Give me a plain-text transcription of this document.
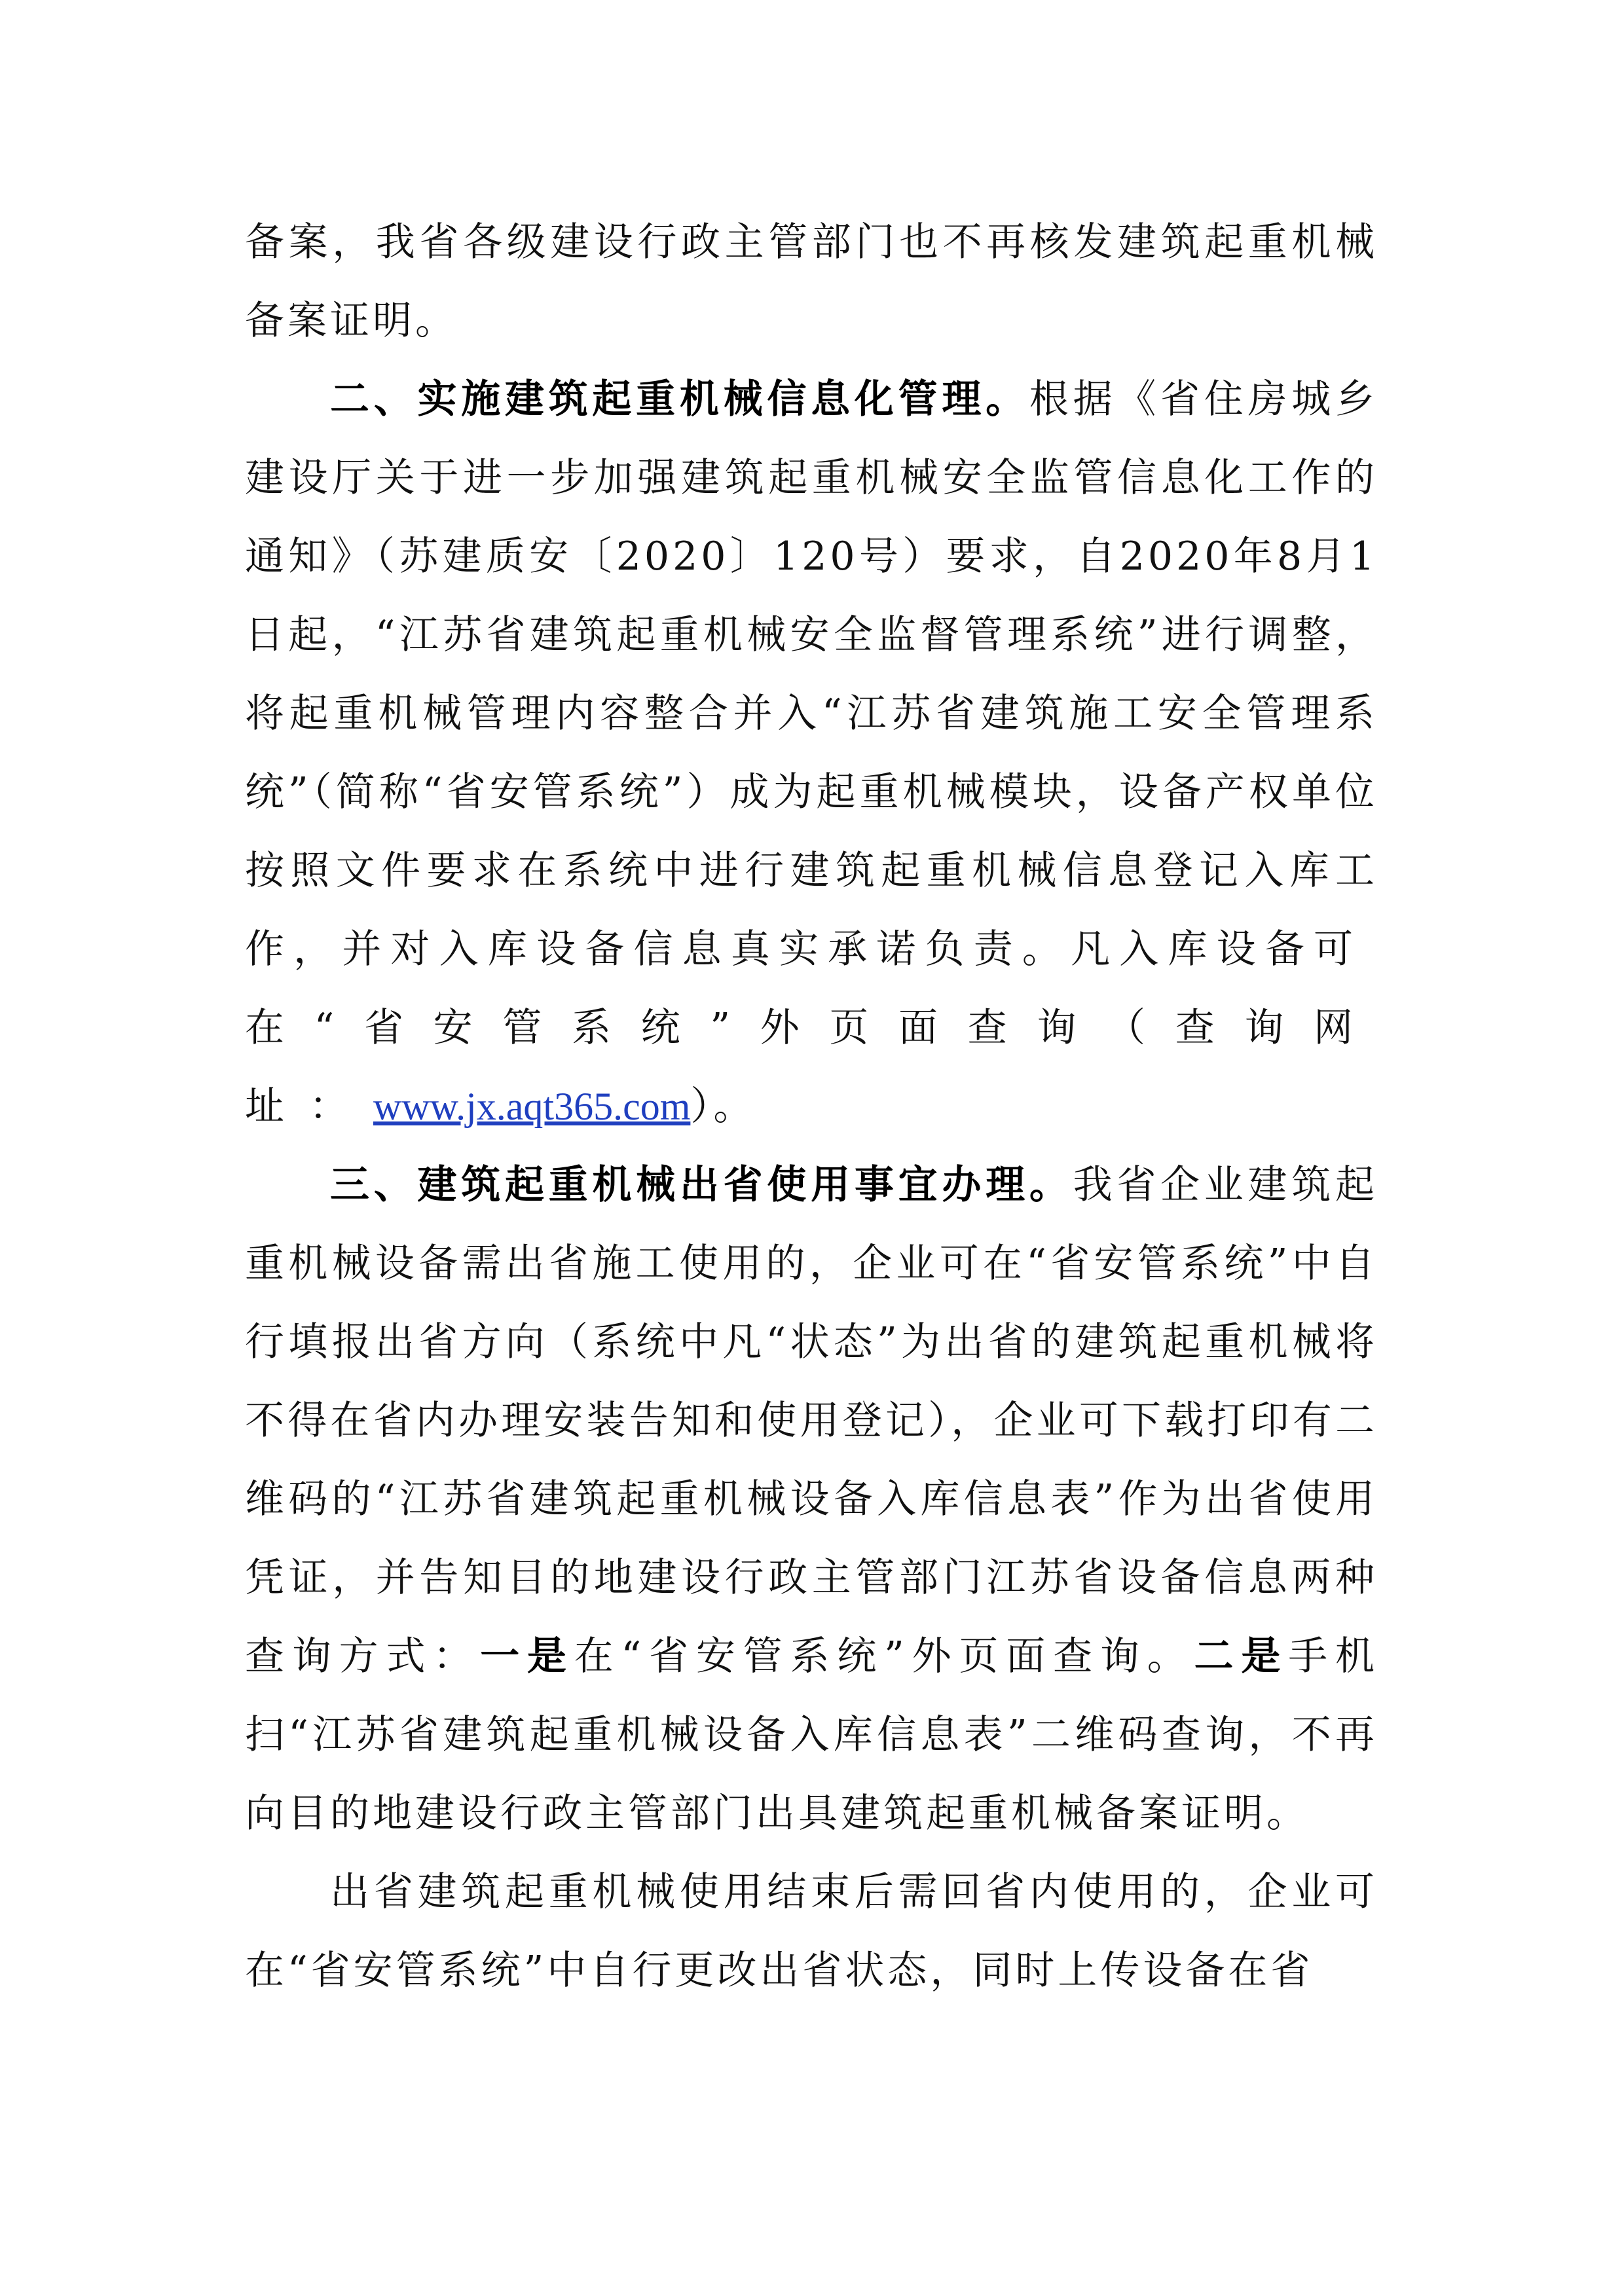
备案，我省各级建设行政主管部门也不再核发建筑起重机械备案证明。

二、实施建筑起重机械信息化管理。根据《省住房城乡建设厅关于进一步加强建筑起重机械安全监管信息化工作的通知》（苏建质安〔2020〕120号）要求，自2020年8月1日起，“江苏省建筑起重机械安全监督管理系统”进行调整，将起重机械管理内容整合并入“江苏省建筑施工安全管理系统”（简称“省安管系统”）成为起重机械模块，设备产权单位按照文件要求在系统中进行建筑起重机械信息登记入库工作，并对入库设备信息真实承诺负责。凡入库设备可在“省安管系统”外页面查询（查询网址：www.jx.aqt365.com）。

三、建筑起重机械出省使用事宜办理。我省企业建筑起重机械设备需出省施工使用的，企业可在“省安管系统”中自行填报出省方向（系统中凡“状态”为出省的建筑起重机械将不得在省内办理安装告知和使用登记），企业可下载打印有二维码的“江苏省建筑起重机械设备入库信息表”作为出省使用凭证，并告知目的地建设行政主管部门江苏省设备信息两种查询方式：一是在“省安管系统”外页面查询。二是手机扫“江苏省建筑起重机械设备入库信息表”二维码查询，不再向目的地建设行政主管部门出具建筑起重机械备案证明。

出省建筑起重机械使用结束后需回省内使用的，企业可在“省安管系统”中自行更改出省状态，同时上传设备在省
